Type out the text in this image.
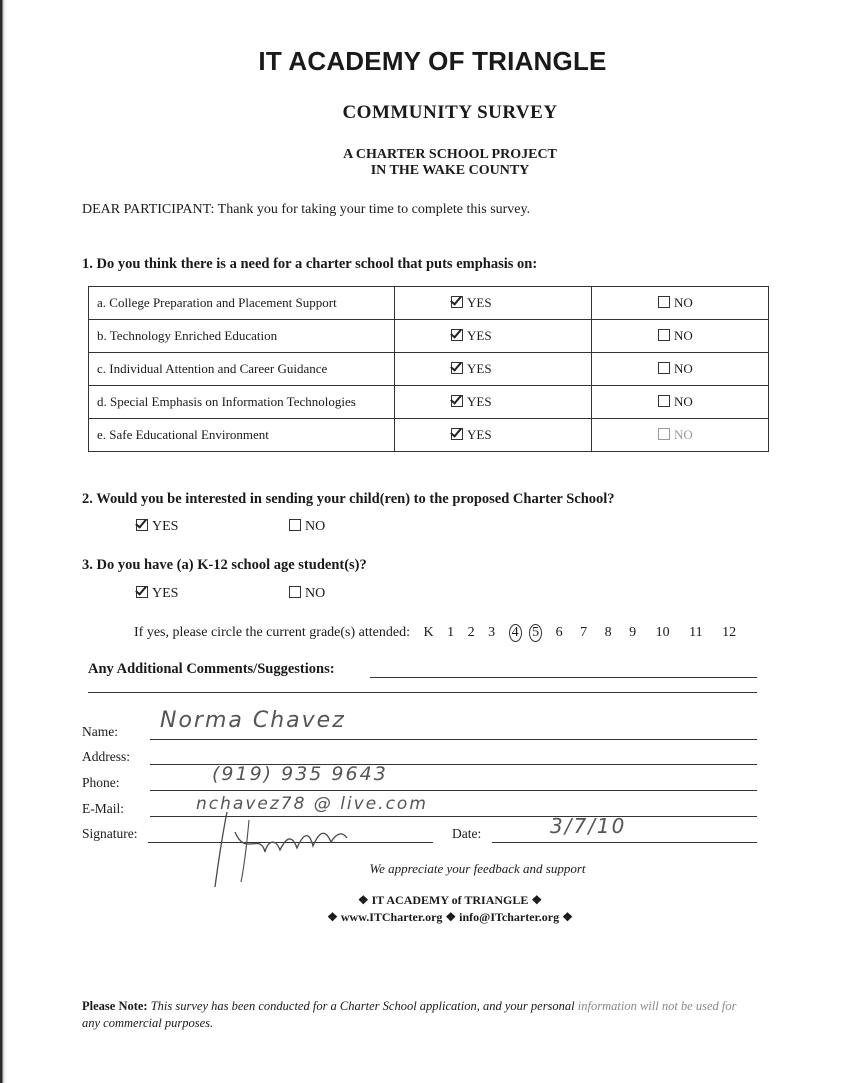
IT ACADEMY OF TRIANGLE
COMMUNITY SURVEY
A CHARTER SCHOOL PROJECT
IN THE WAKE COUNTY
DEAR PARTICIPANT: Thank you for taking your time to complete this survey.
1. Do you think there is a need for a charter school that puts emphasis on:
a. College Preparation and Placement Support	YES	NO
b. Technology Enriched Education	YES	NO
c. Individual Attention and Career Guidance	YES	NO
d. Special Emphasis on Information Technologies	YES	NO
e. Safe Educational Environment	YES	NO
2. Would you be interested in sending your child(ren) to the proposed Charter School?
YES	NO
3. Do you have (a) K-12 school age student(s)?
YES	NO
If yes, please circle the current grade(s) attended: K 1 2 3 4 5 6 7 8 9 10 11 12
Any Additional Comments/Suggestions:
Name: Norma Chavez
Address:
Phone:	(919) 935 9643
E-Mail:	nchavez78 @ live.com
Signature:	Date:	3/7/10
We appreciate your feedback and support
❖ IT ACADEMY of TRIANGLE ❖
❖ www.ITCharter.org ❖ info@ITcharter.org ❖
Please Note: This survey has been conducted for a Charter School application, and your personal information will not be used for
any commercial purposes.
